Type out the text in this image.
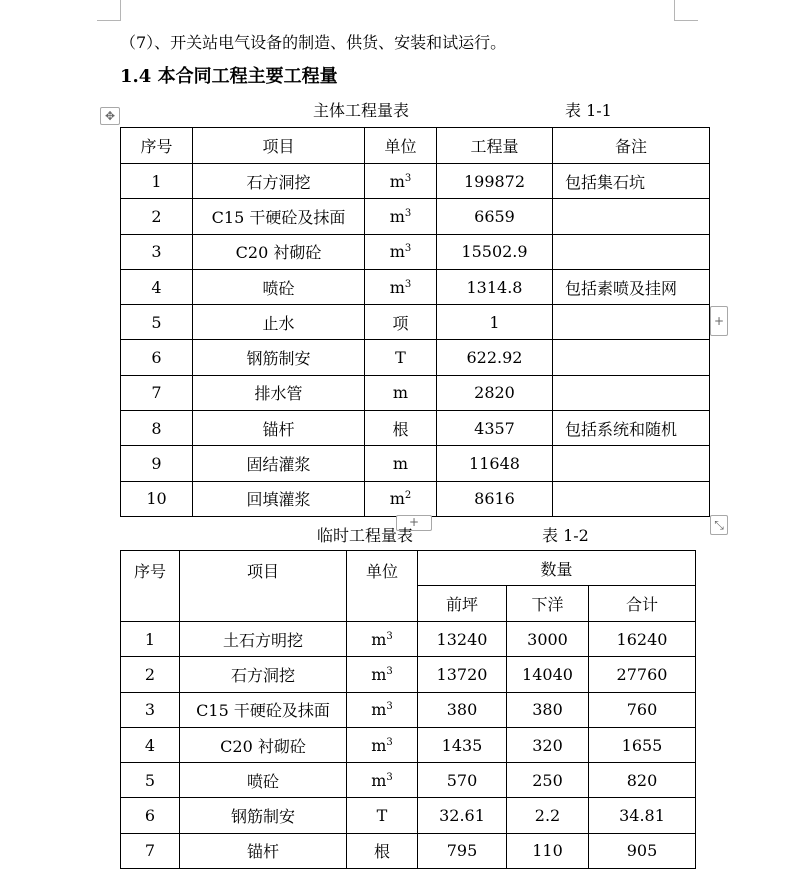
（7）、开关站电气设备的制造、供货、安装和试运行。
1.4 本合同工程主要工程量
主体工程量表	表 1-1
✥
序号	项目	单位	工程量	备注
1	石方洞挖	$m^3$	199872	包括集石坑
2	C15 干硬砼及抹面	$m^3$	6659	
3	C20 衬砌砼	$m^3$	15502.9	
4	喷砼	$m^3$	1314.8	包括素喷及挂网
5	止水	项	1	
6	钢筋制安	T	622.92	
7	排水管	m	2820	
8	锚杆	根	4357	包括系统和随机
9	固结灌浆	m	11648	
10	回填灌浆	$m^2$	8616	
+
+	⤡
临时工程量表	表 1-2
序号	项目	单位	数量		
			前坪	下洋	合计
1	土石方明挖	$m^3$	13240	3000	16240
2	石方洞挖	$m^3$	13720	14040	27760
3	C15 干硬砼及抹面	$m^3$	380	380	760
4	C20 衬砌砼	$m^3$	1435	320	1655
5	喷砼	$m^3$	570	250	820
6	钢筋制安	T	32.61	2.2	34.81
7	锚杆	根	795	110	905
